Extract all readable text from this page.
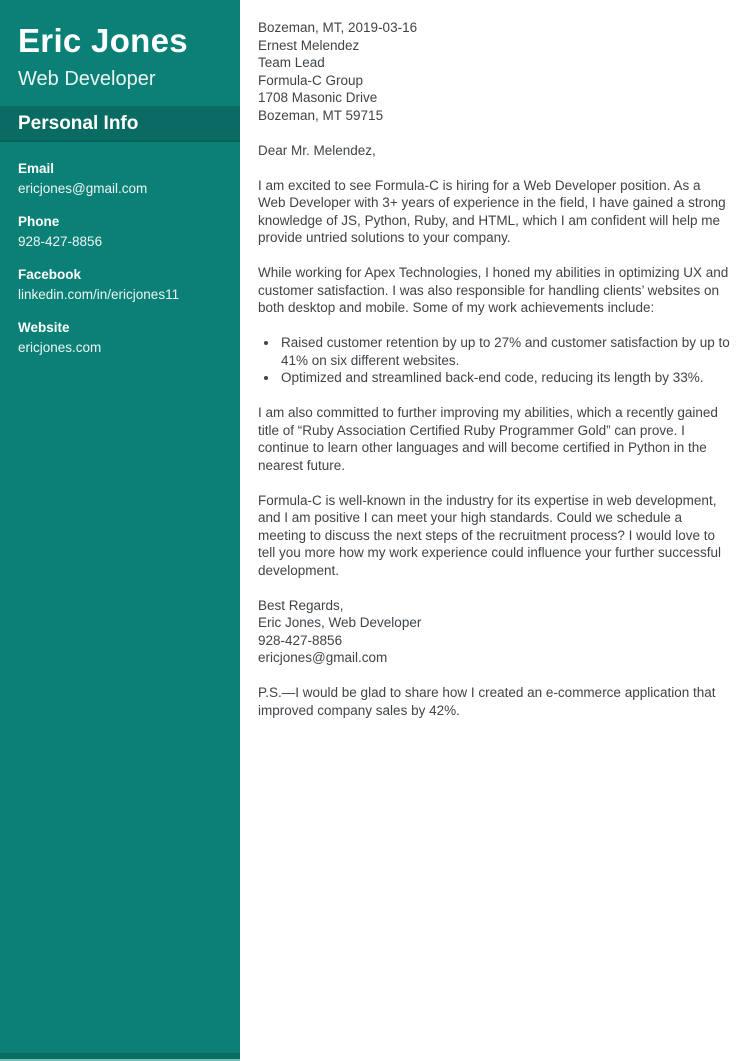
Eric Jones
Web Developer
Personal Info
Email
ericjones@gmail.com
Phone
928-427-8856
Facebook
linkedin.com/in/ericjones11
Website
ericjones.com
Bozeman, MT, 2019-03-16
Ernest Melendez
Team Lead
Formula-C Group
1708 Masonic Drive
Bozeman, MT 59715

Dear Mr. Melendez,

I am excited to see Formula-C is hiring for a Web Developer position. As a Web Developer with 3+ years of experience in the field, I have gained a strong knowledge of JS, Python, Ruby, and HTML, which I am confident will help me provide untried solutions to your company.

While working for Apex Technologies, I honed my abilities in optimizing UX and customer satisfaction. I was also responsible for handling clients’ websites on both desktop and mobile. Some of my work achievements include:

• Raised customer retention by up to 27% and customer satisfaction by up to 41% on six different websites.
• Optimized and streamlined back-end code, reducing its length by 33%.

I am also committed to further improving my abilities, which a recently gained title of “Ruby Association Certified Ruby Programmer Gold” can prove. I continue to learn other languages and will become certified in Python in the nearest future.

Formula-C is well-known in the industry for its expertise in web development, and I am positive I can meet your high standards. Could we schedule a meeting to discuss the next steps of the recruitment process? I would love to tell you more how my work experience could influence your further successful development.

Best Regards,
Eric Jones, Web Developer
928-427-8856
ericjones@gmail.com

P.S.—I would be glad to share how I created an e-commerce application that improved company sales by 42%.
